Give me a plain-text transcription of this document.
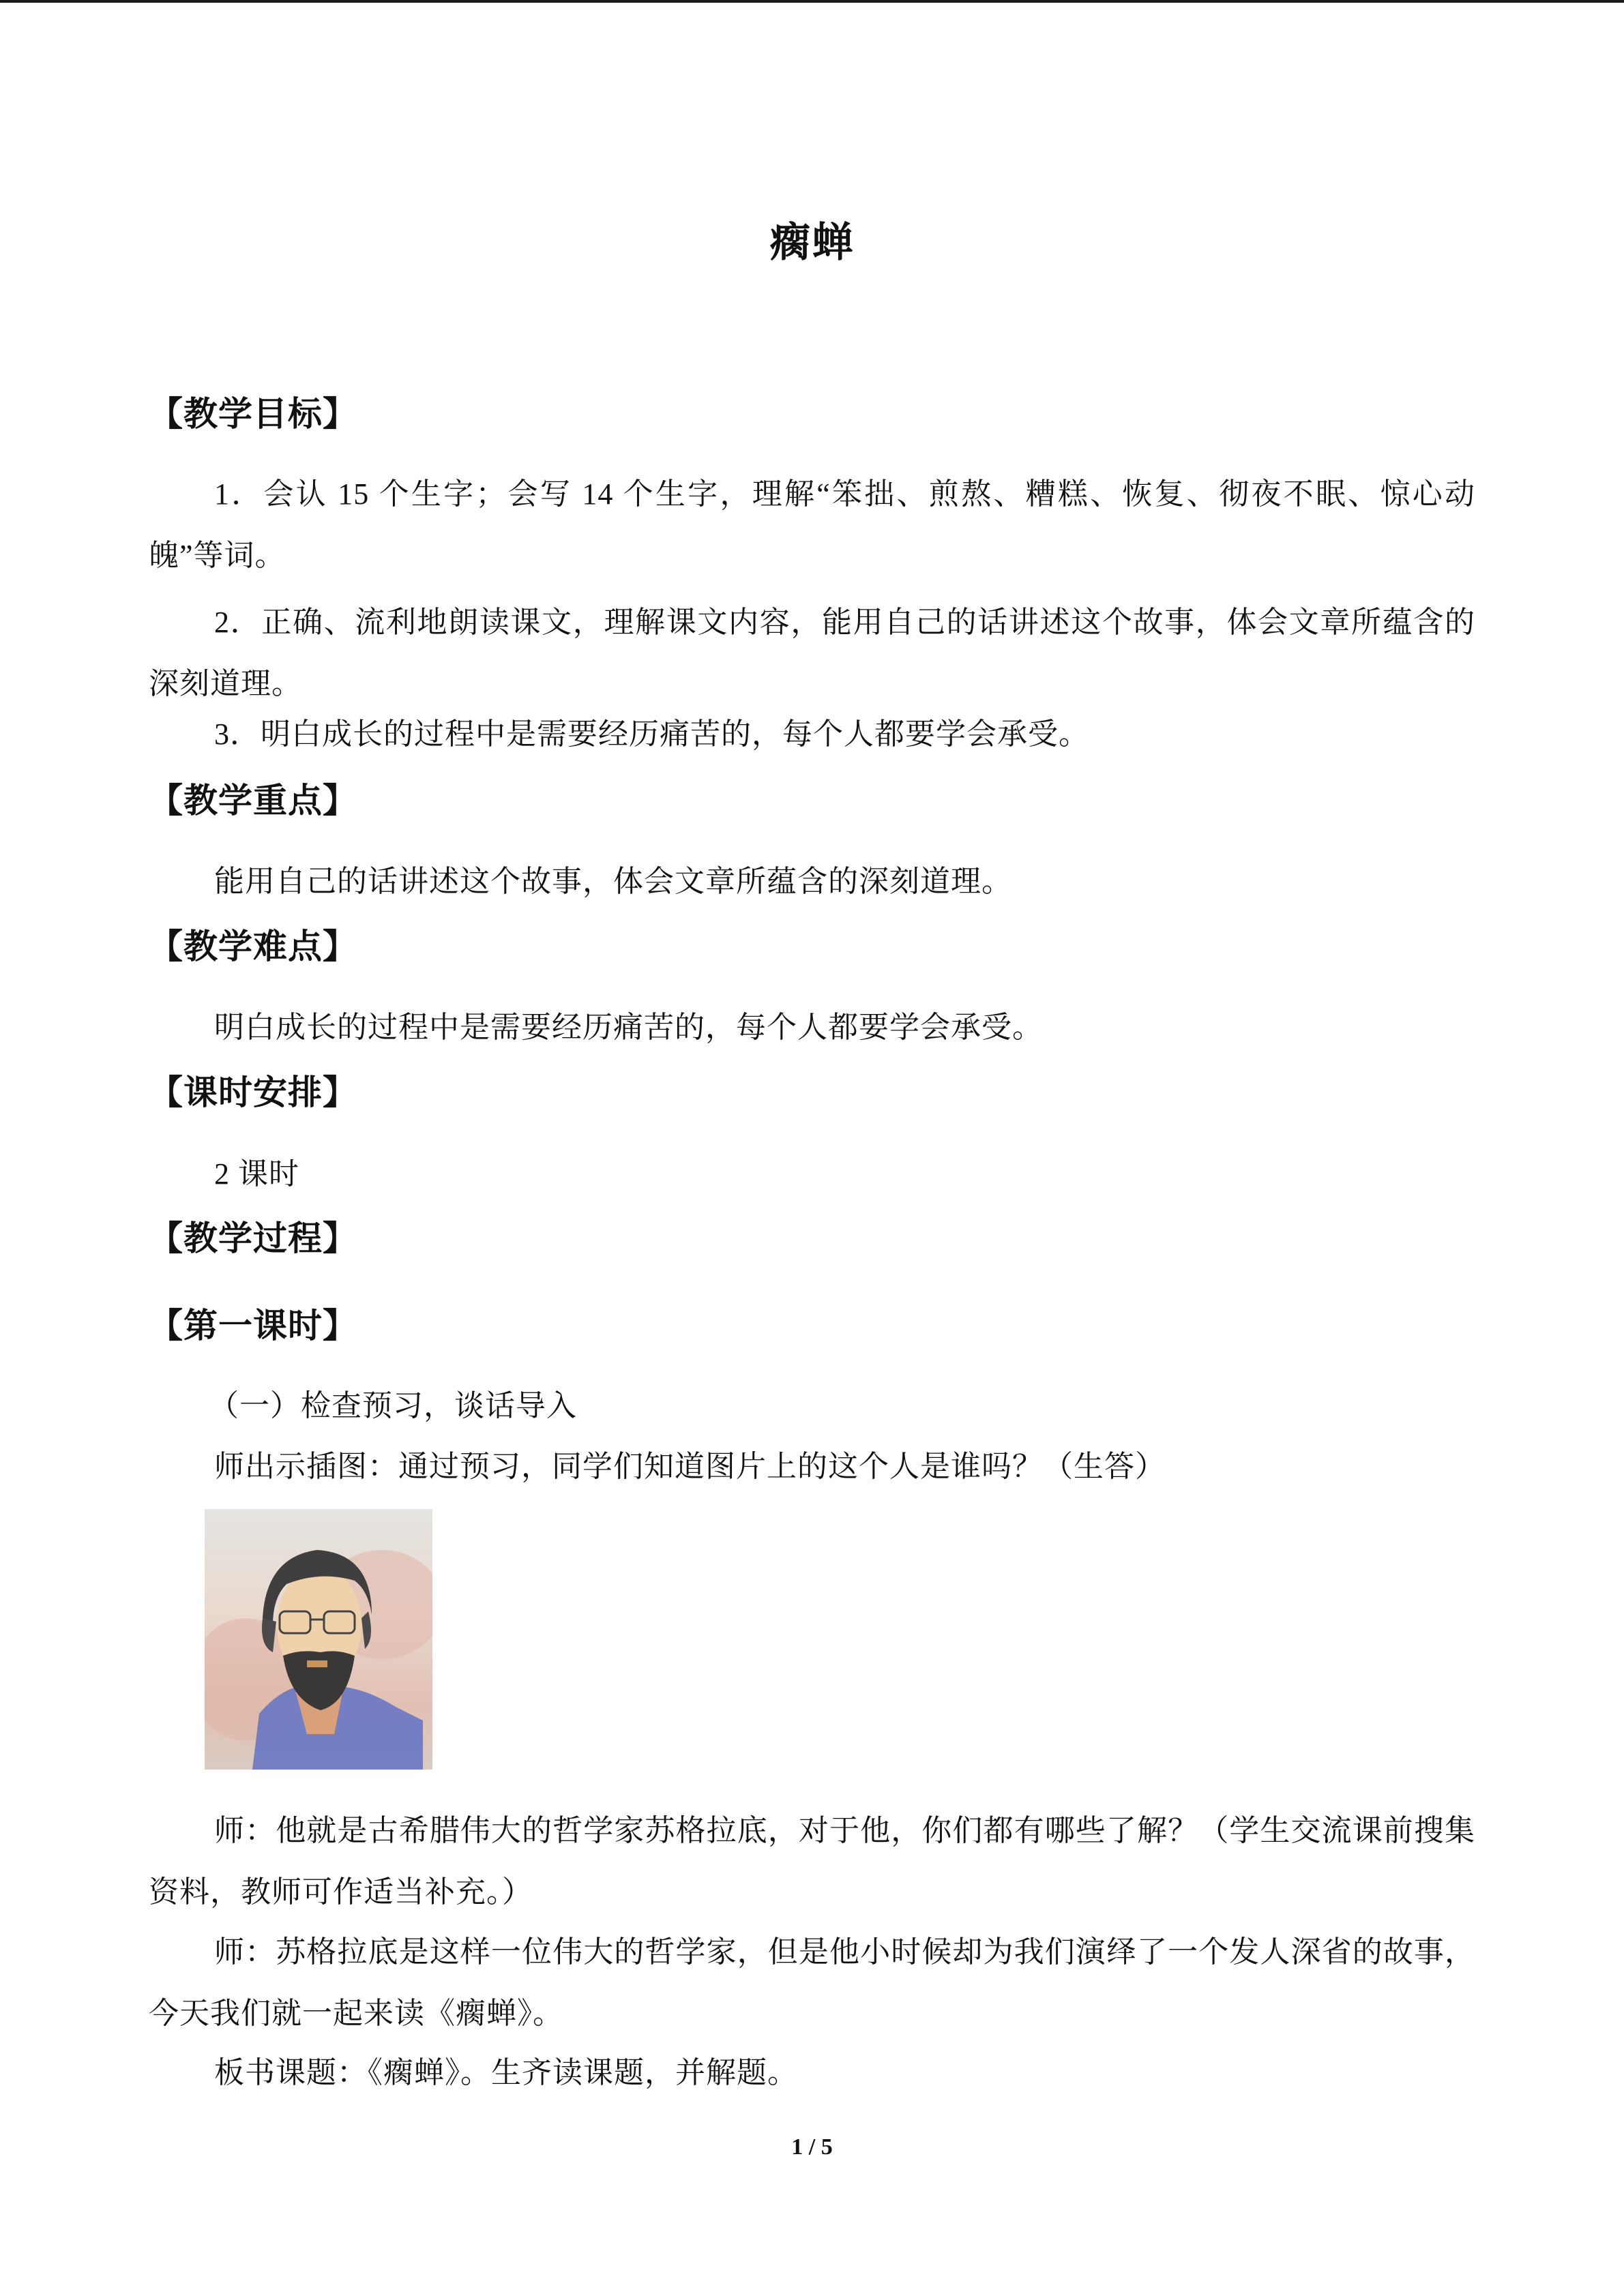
瘸蝉
【教学目标】
1．会认 15 个生字；会写 14 个生字，理解“笨拙、煎熬、糟糕、恢复、彻夜不眠、惊心动魄”等词。
2．正确、流利地朗读课文，理解课文内容，能用自己的话讲述这个故事，体会文章所蕴含的深刻道理。
3．明白成长的过程中是需要经历痛苦的，每个人都要学会承受。
【教学重点】
能用自己的话讲述这个故事，体会文章所蕴含的深刻道理。
【教学难点】
明白成长的过程中是需要经历痛苦的，每个人都要学会承受。
【课时安排】
2 课时
【教学过程】
【第一课时】
（一）检查预习，谈话导入
师出示插图：通过预习，同学们知道图片上的这个人是谁吗？（生答）
师：他就是古希腊伟大的哲学家苏格拉底，对于他，你们都有哪些了解？（学生交流课前搜集资料，教师可作适当补充。）
师：苏格拉底是这样一位伟大的哲学家，但是他小时候却为我们演绎了一个发人深省的故事，今天我们就一起来读《瘸蝉》。
板书课题：《瘸蝉》。生齐读课题，并解题。
1 / 5
